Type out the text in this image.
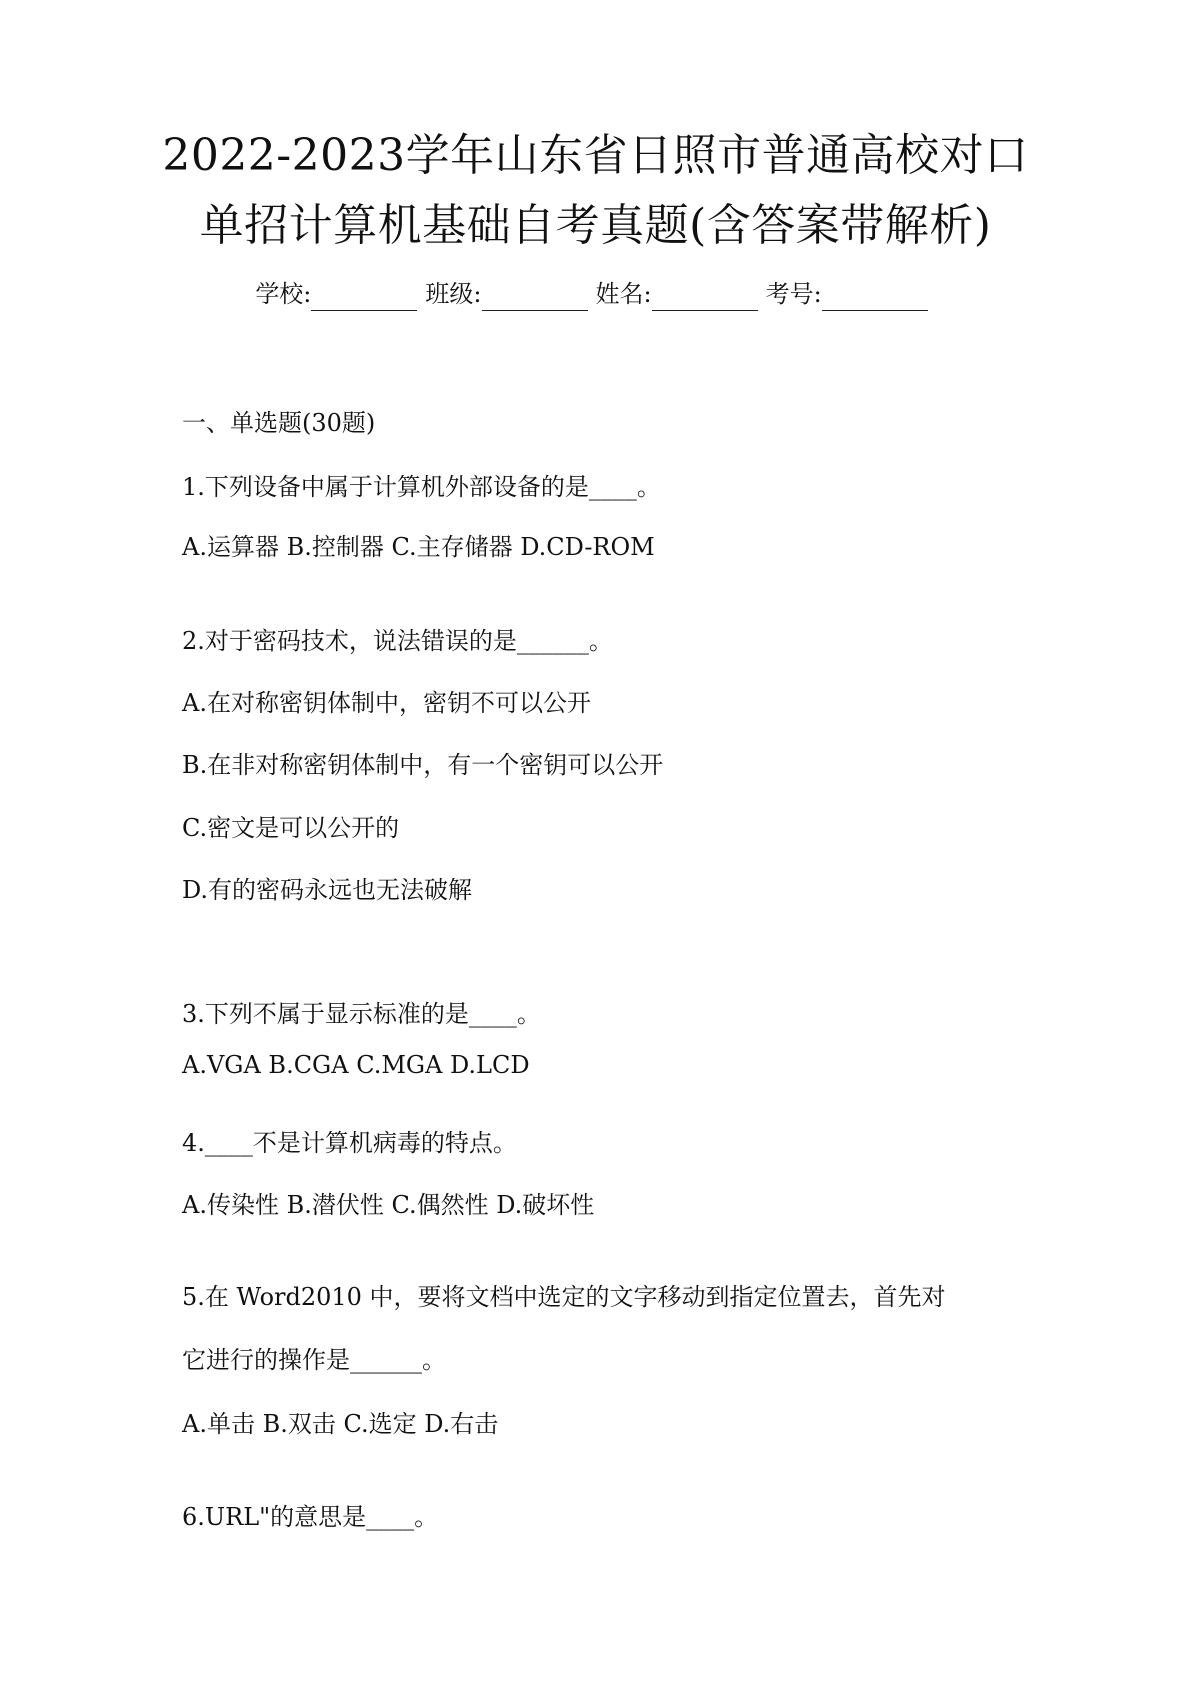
2022-2023学年山东省日照市普通高校对口
单招计算机基础自考真题(含答案带解析)
学校:	班级:	姓名:	考号:
一、单选题(30题)
1.下列设备中属于计算机外部设备的是____。
A.运算器 B.控制器 C.主存储器 D.CD-ROM
2.对于密码技术，说法错误的是______。
A.在对称密钥体制中，密钥不可以公开
B.在非对称密钥体制中，有一个密钥可以公开
C.密文是可以公开的
D.有的密码永远也无法破解
3.下列不属于显示标准的是____。
A.VGA B.CGA C.MGA D.LCD
4.____不是计算机病毒的特点。
A.传染性 B.潜伏性 C.偶然性 D.破坏性
5.在 Word2010 中，要将文档中选定的文字移动到指定位置去，首先对
它进行的操作是______。
A.单击 B.双击 C.选定 D.右击
6.URL"的意思是____。
